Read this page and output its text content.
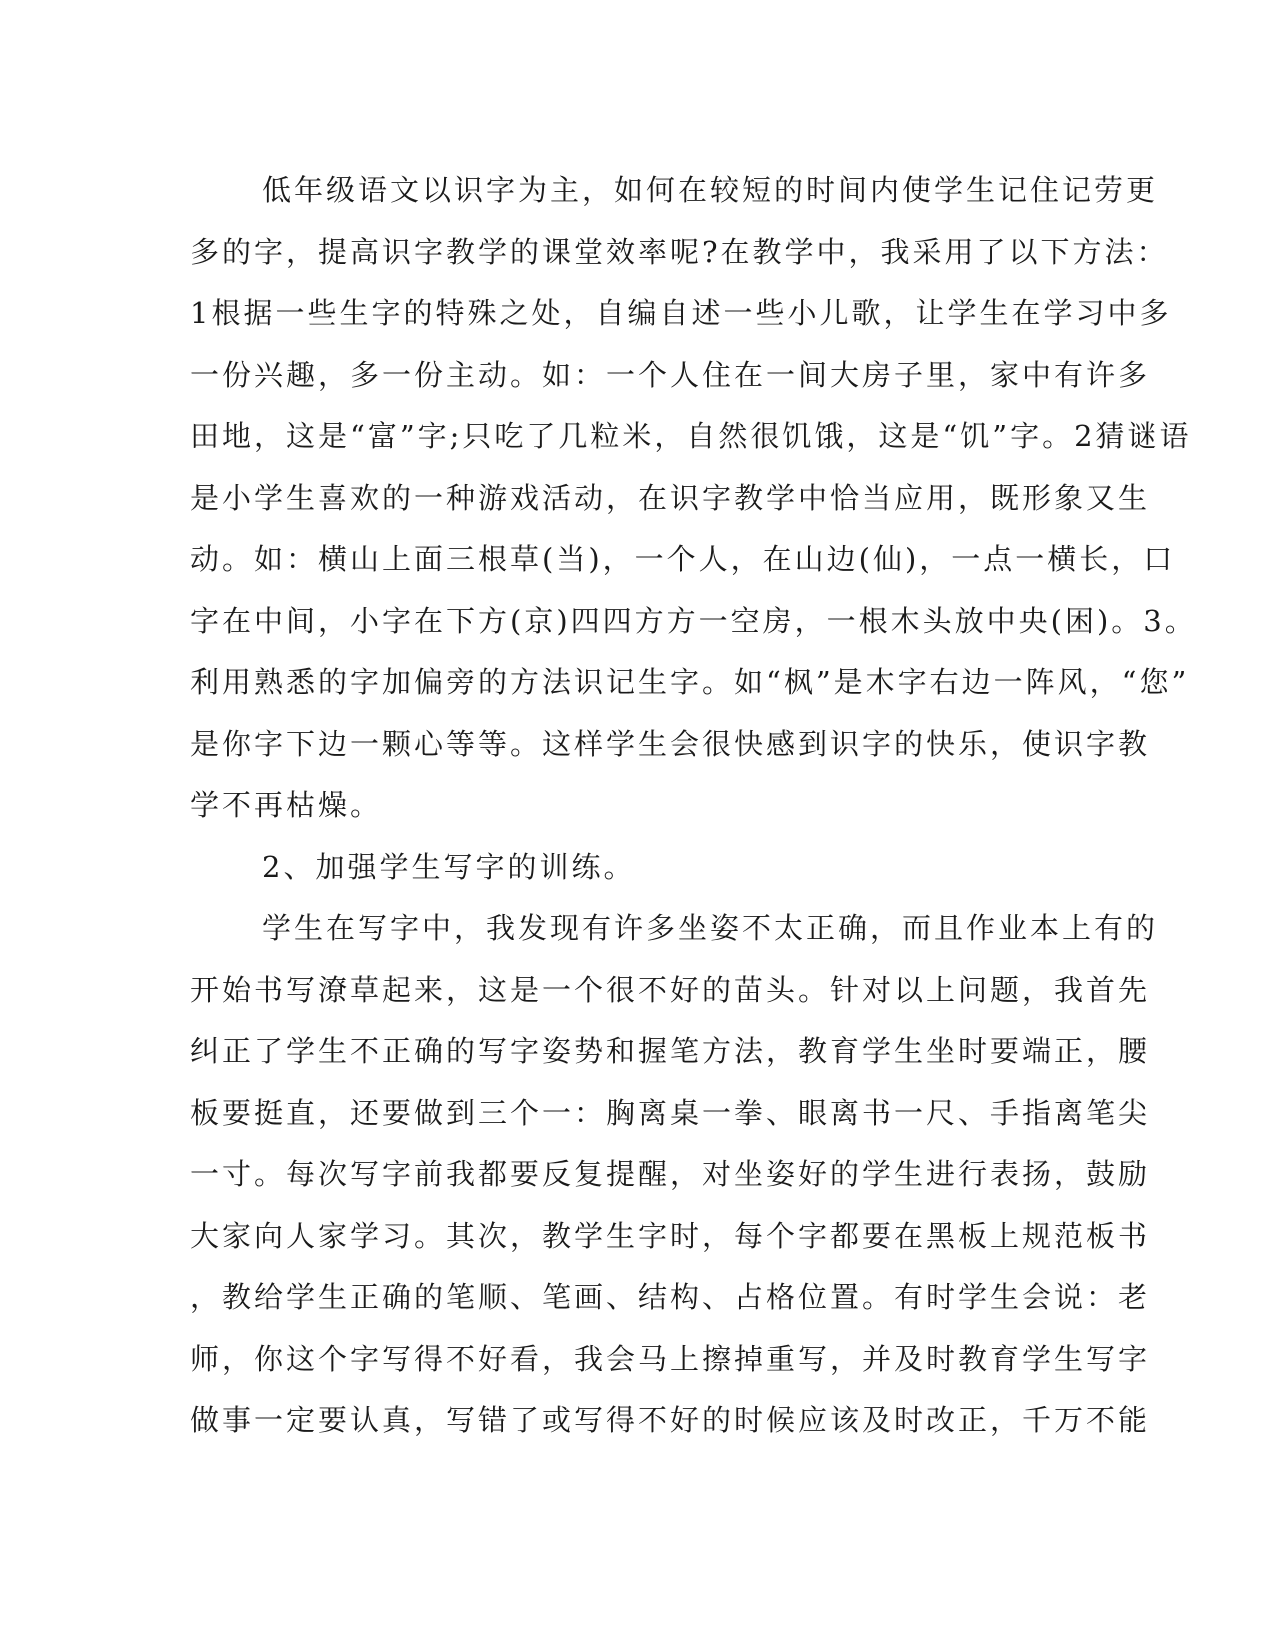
低年级语文以识字为主，如何在较短的时间内使学生记住记劳更
多的字，提高识字教学的课堂效率呢?在教学中，我采用了以下方法：
1根据一些生字的特殊之处，自编自述一些小儿歌，让学生在学习中多
一份兴趣，多一份主动。如：一个人住在一间大房子里，家中有许多
田地，这是“富”字;只吃了几粒米，自然很饥饿，这是“饥”字。2猜谜语
是小学生喜欢的一种游戏活动，在识字教学中恰当应用，既形象又生
动。如：横山上面三根草(当)，一个人，在山边(仙)，一点一横长，口
字在中间，小字在下方(京)四四方方一空房，一根木头放中央(困)。3。
利用熟悉的字加偏旁的方法识记生字。如“枫”是木字右边一阵风，“您”
是你字下边一颗心等等。这样学生会很快感到识字的快乐，使识字教
学不再枯燥。
2、加强学生写字的训练。
学生在写字中，我发现有许多坐姿不太正确，而且作业本上有的
开始书写潦草起来，这是一个很不好的苗头。针对以上问题，我首先
纠正了学生不正确的写字姿势和握笔方法，教育学生坐时要端正，腰
板要挺直，还要做到三个一：胸离桌一拳、眼离书一尺、手指离笔尖
一寸。每次写字前我都要反复提醒，对坐姿好的学生进行表扬，鼓励
大家向人家学习。其次，教学生字时，每个字都要在黑板上规范板书
，教给学生正确的笔顺、笔画、结构、占格位置。有时学生会说：老
师，你这个字写得不好看，我会马上擦掉重写，并及时教育学生写字
做事一定要认真，写错了或写得不好的时候应该及时改正，千万不能
